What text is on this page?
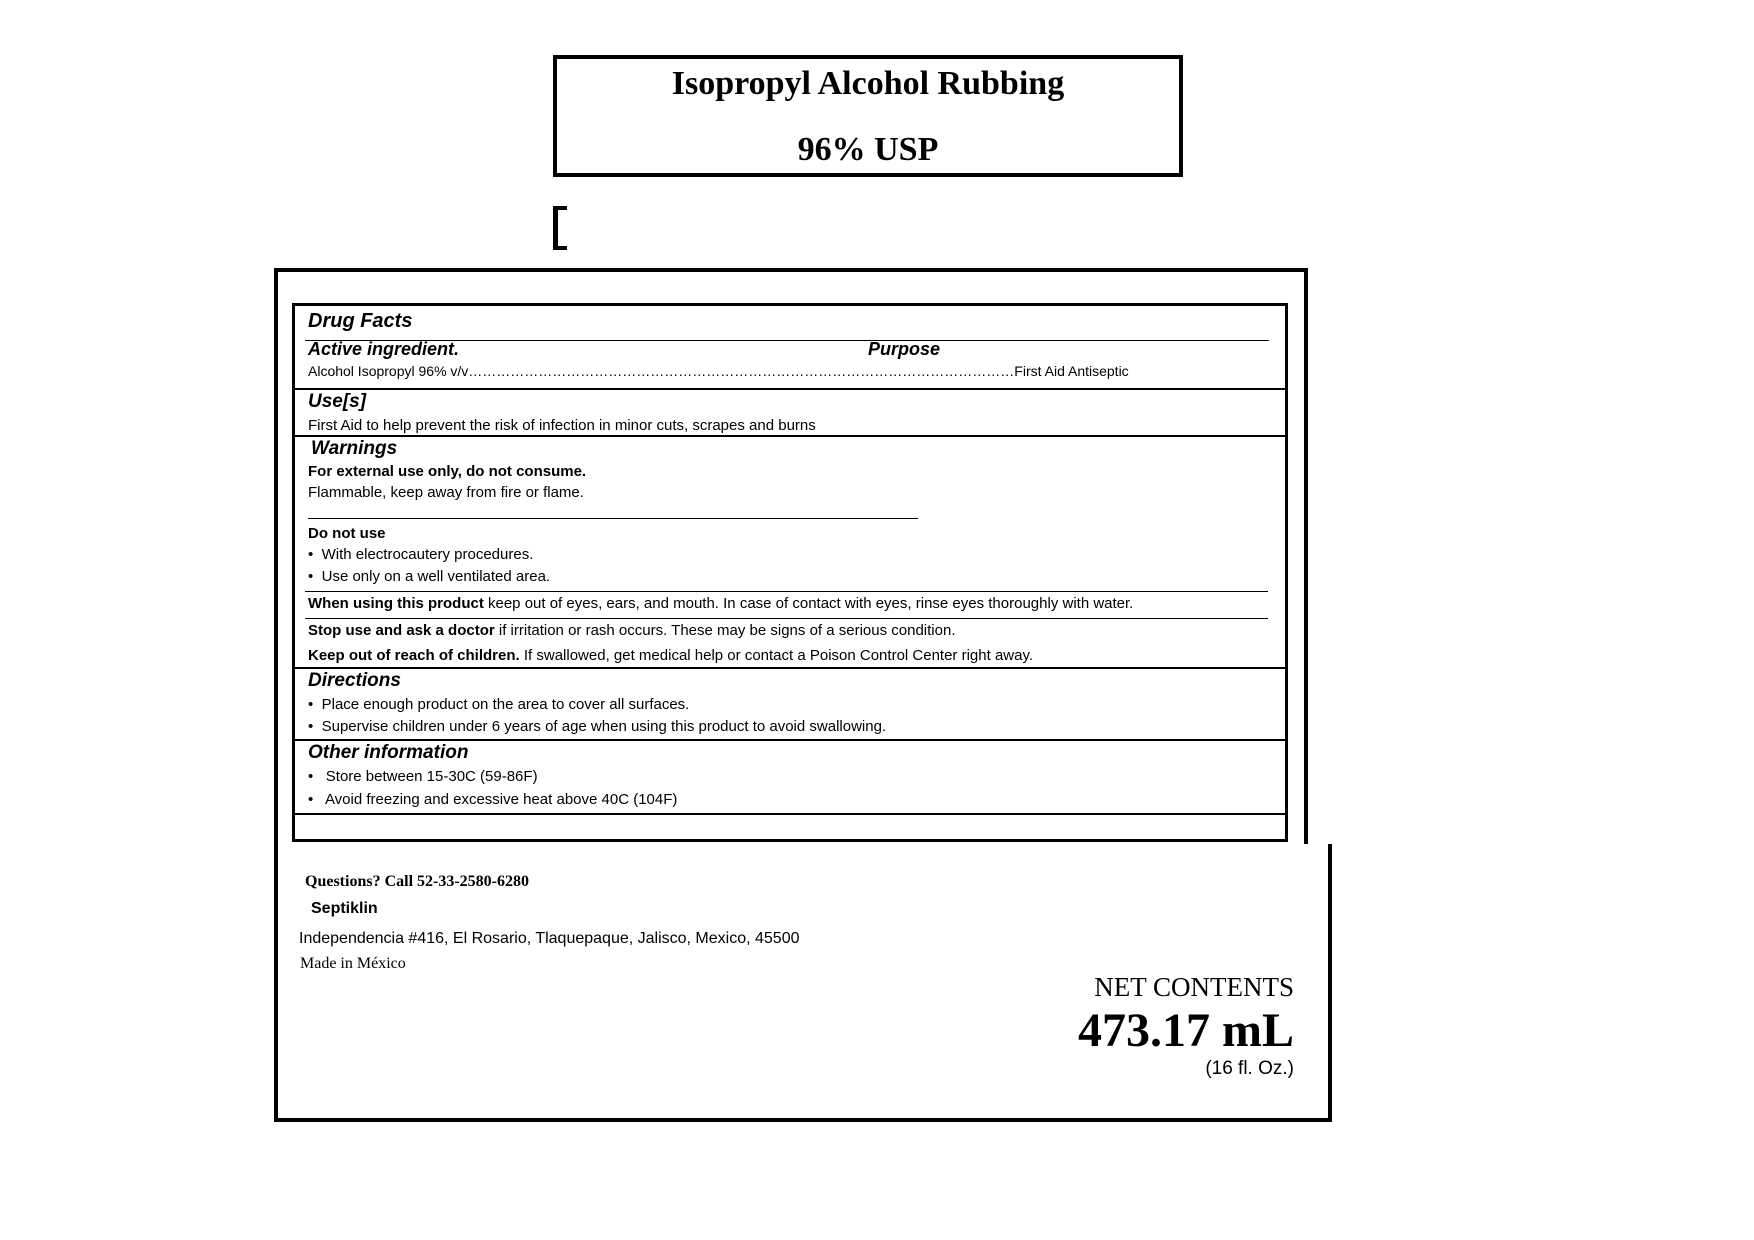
Isopropyl Alcohol Rubbing
96% USP
Drug Facts
Active ingredient.	Purpose
Alcohol Isopropyl 96% v/v………………………………………………………………………………………………………First Aid Antiseptic
Use[s]
First Aid to help prevent the risk of infection in minor cuts, scrapes and burns
Warnings
For external use only, do not consume.
Flammable, keep away from fire or flame.
Do not use
• With electrocautery procedures.
• Use only on a well ventilated area.
When using this product keep out of eyes, ears, and mouth. In case of contact with eyes, rinse eyes thoroughly with water.
Stop use and ask a doctor if irritation or rash occurs. These may be signs of a serious condition.
Keep out of reach of children. If swallowed, get medical help or contact a Poison Control Center right away.
Directions
• Place enough product on the area to cover all surfaces.
• Supervise children under 6 years of age when using this product to avoid swallowing.
Other information
• Store between 15-30C (59-86F)
• Avoid freezing and excessive heat above 40C (104F)
Questions? Call 52-33-2580-6280
Septiklin
Independencia #416, El Rosario, Tlaquepaque, Jalisco, Mexico, 45500
Made in México
NET CONTENTS
473.17 mL
(16 fl. Oz.)
